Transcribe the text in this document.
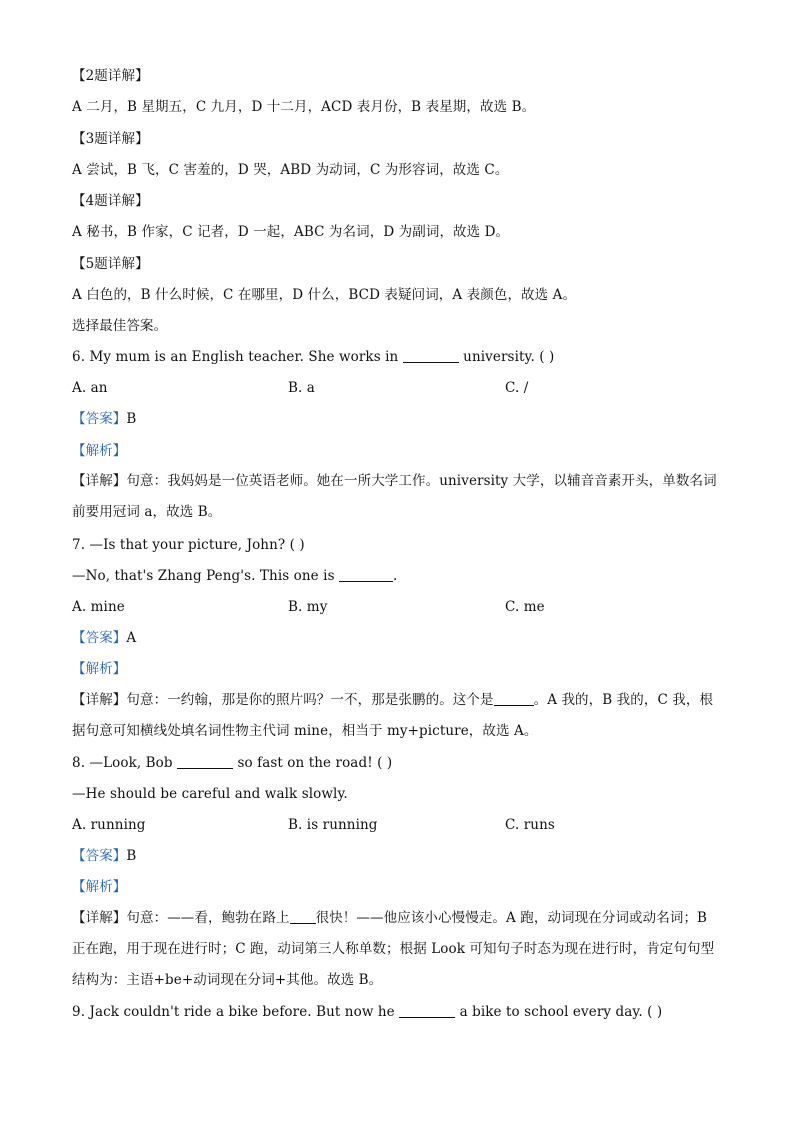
【2题详解】
A 二月，B 星期五，C 九月，D 十二月，ACD 表月份，B 表星期，故选 B。
【3题详解】
A 尝试，B 飞，C 害羞的，D 哭，ABD 为动词，C 为形容词，故选 C。
【4题详解】
A 秘书，B 作家，C 记者，D 一起，ABC 为名词，D 为副词，故选 D。
【5题详解】
A 白色的，B 什么时候，C 在哪里，D 什么，BCD 表疑问词，A 表颜色，故选 A。
选择最佳答案。
6. My mum is an English teacher. She works in	university. ( )
A. an	B. a	C. /
【答案】B
【解析】
【详解】句意：我妈妈是一位英语老师。她在一所大学工作。university 大学，以辅音音素开头，单数名词前要用冠词 a，故选 B。
7. —Is that your picture, John? ( )
—No, that's Zhang Peng's. This one is	.
A. mine	B. my	C. me
【答案】A
【解析】
【详解】句意：一约翰，那是你的照片吗？一不，那是张鹏的。这个是	。A 我的，B 我的，C 我，根据句意可知横线处填名词性物主代词 mine，相当于 my+picture，故选 A。
8. —Look, Bob	so fast on the road! ( )
—He should be careful and walk slowly.
A. running	B. is running	C. runs
【答案】B
【解析】
【详解】句意：——看，鲍勃在路上 很快！——他应该小心慢慢走。A 跑，动词现在分词或动名词；B 正在跑，用于现在进行时；C 跑，动词第三人称单数；根据 Look 可知句子时态为现在进行时，肯定句句型结构为：主语+be+动词现在分词+其他。故选 B。
9. Jack couldn't ride a bike before. But now he	a bike to school every day. ( )
